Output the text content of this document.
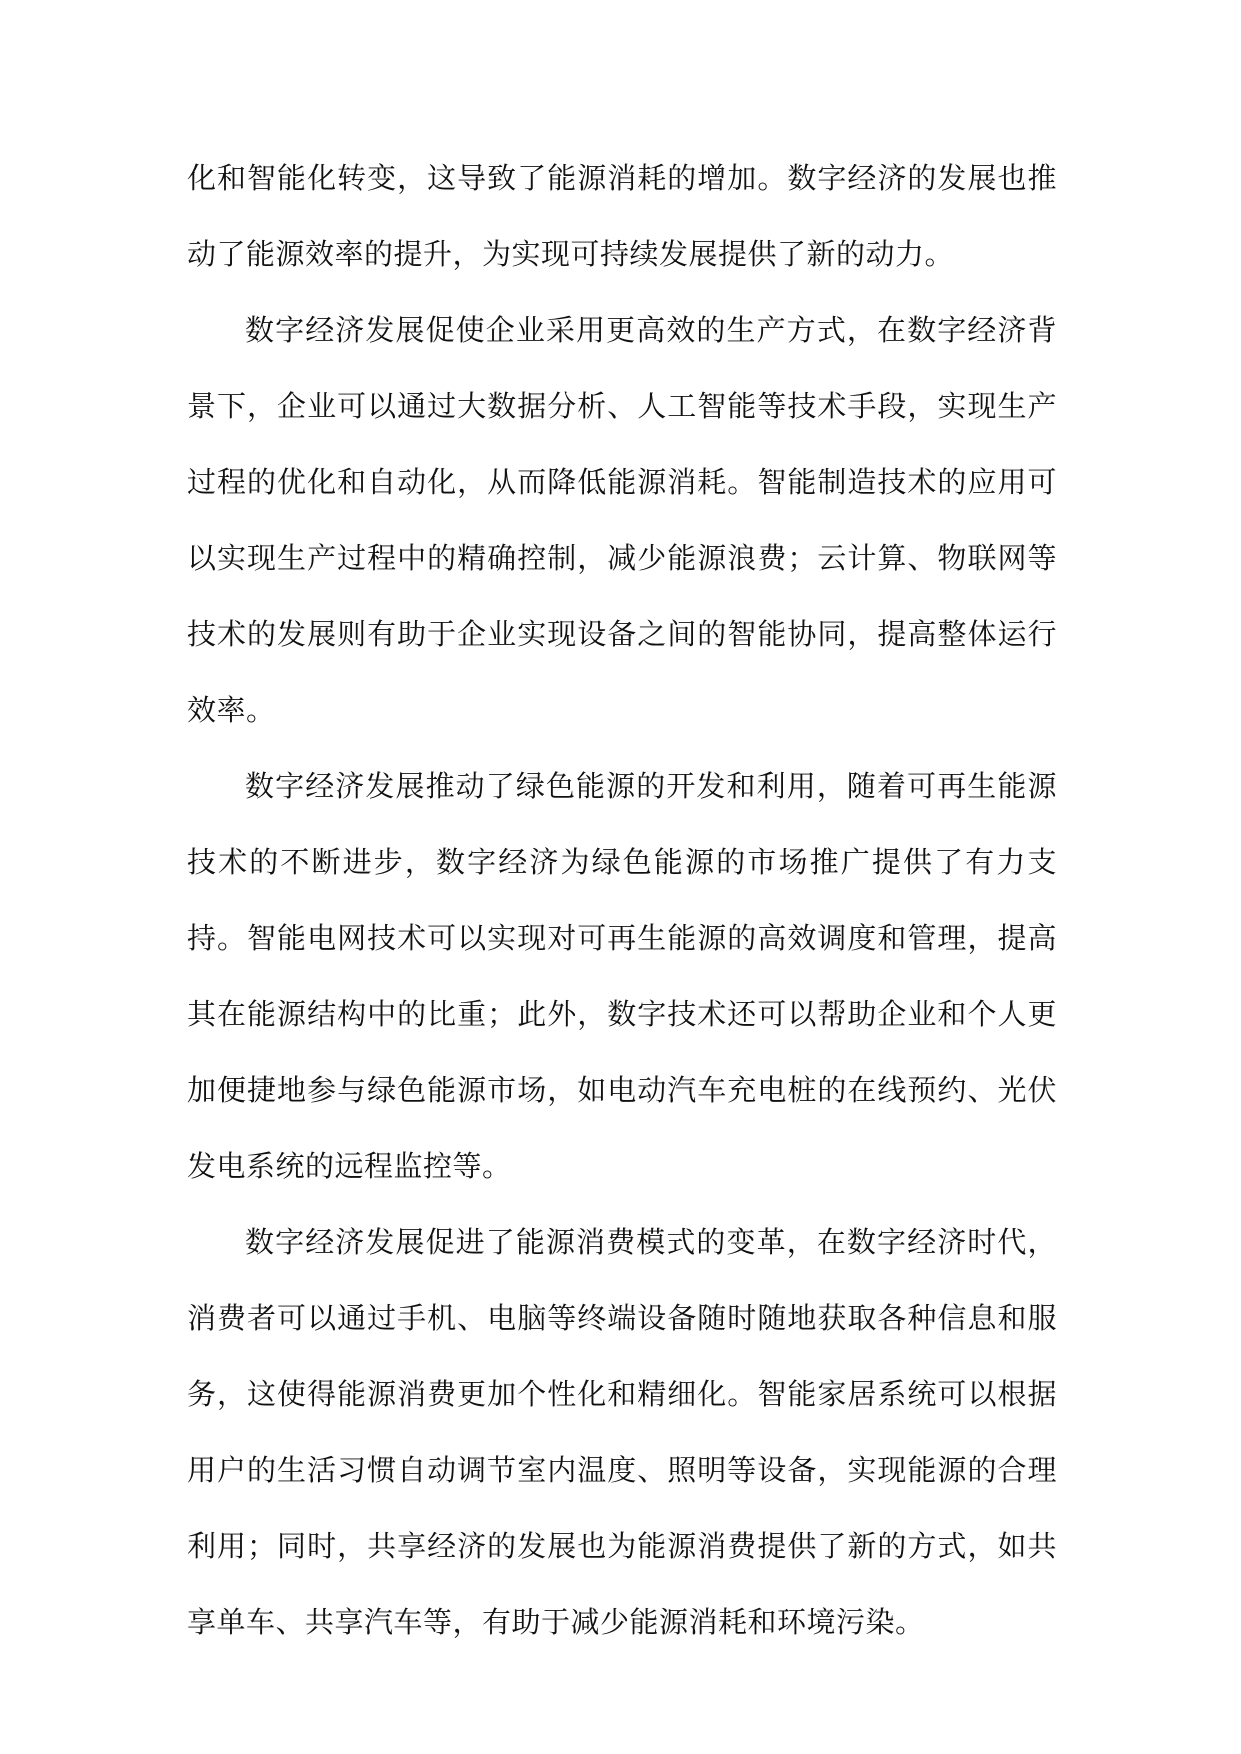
化和智能化转变，这导致了能源消耗的增加。数字经济的发展也推动了能源效率的提升，为实现可持续发展提供了新的动力。

数字经济发展促使企业采用更高效的生产方式，在数字经济背景下，企业可以通过大数据分析、人工智能等技术手段，实现生产过程的优化和自动化，从而降低能源消耗。智能制造技术的应用可以实现生产过程中的精确控制，减少能源浪费；云计算、物联网等技术的发展则有助于企业实现设备之间的智能协同，提高整体运行效率。

数字经济发展推动了绿色能源的开发和利用，随着可再生能源技术的不断进步，数字经济为绿色能源的市场推广提供了有力支持。智能电网技术可以实现对可再生能源的高效调度和管理，提高其在能源结构中的比重；此外，数字技术还可以帮助企业和个人更加便捷地参与绿色能源市场，如电动汽车充电桩的在线预约、光伏发电系统的远程监控等。

数字经济发展促进了能源消费模式的变革，在数字经济时代，消费者可以通过手机、电脑等终端设备随时随地获取各种信息和服务，这使得能源消费更加个性化和精细化。智能家居系统可以根据用户的生活习惯自动调节室内温度、照明等设备，实现能源的合理利用；同时，共享经济的发展也为能源消费提供了新的方式，如共享单车、共享汽车等，有助于减少能源消耗和环境污染。
